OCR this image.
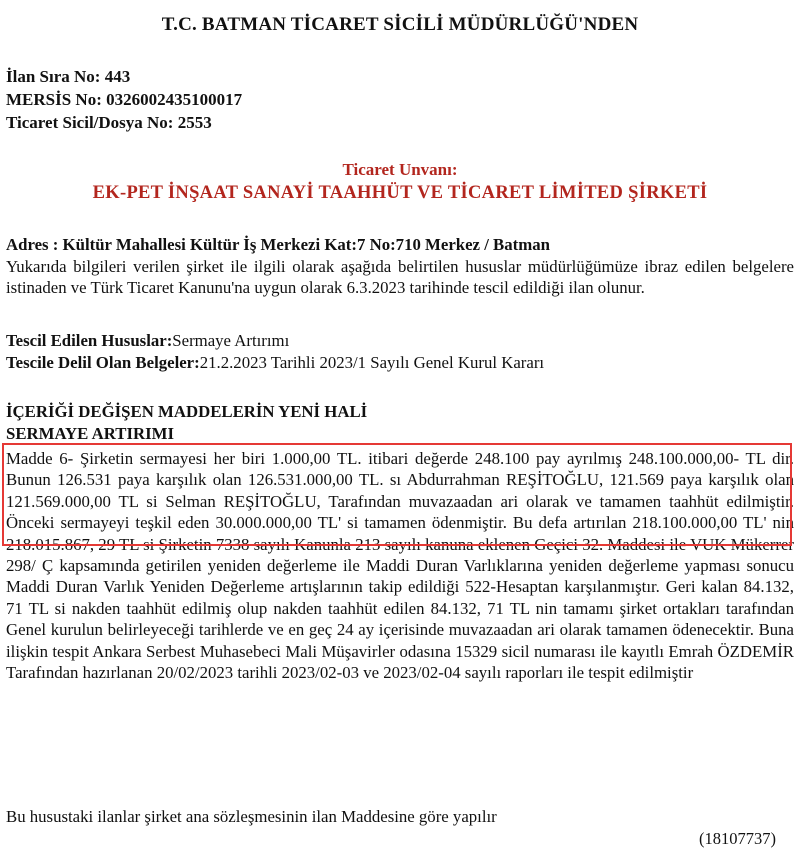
T.C. BATMAN TİCARET SİCİLİ MÜDÜRLÜĞÜ'NDEN
İlan Sıra No: 443
MERSİS No: 0326002435100017
Ticaret Sicil/Dosya No: 2553
Ticaret Unvanı:
EK-PET İNŞAAT SANAYİ TAAHHÜT VE TİCARET LİMİTED ŞİRKETİ
Adres : Kültür Mahallesi Kültür İş Merkezi Kat:7 No:710 Merkez / Batman
Yukarıda bilgileri verilen şirket ile ilgili olarak aşağıda belirtilen hususlar müdürlüğümüze ibraz edilen belgelere istinaden ve Türk Ticaret Kanunu'na uygun olarak 6.3.2023 tarihinde tescil edildiği ilan olunur.
Tescil Edilen Hususlar:Sermaye Artırımı
Tescile Delil Olan Belgeler:21.2.2023 Tarihli 2023/1 Sayılı Genel Kurul Kararı
İÇERİĞİ DEĞİŞEN MADDELERİN YENİ HALİ
SERMAYE ARTIRIMI
Madde 6- Şirketin sermayesi her biri 1.000,00 TL. itibari değerde 248.100 pay ayrılmış 248.100.000,00- TL dir. Bunun 126.531 paya karşılık olan 126.531.000,00 TL. sı Abdurrahman REŞİTOĞLU, 121.569 paya karşılık olan 121.569.000,00 TL si Selman REŞİTOĞLU, Tarafından muvazaadan ari olarak ve tamamen taahhüt edilmiştir. Önceki sermayeyi teşkil eden 30.000.000,00 TL' si tamamen ödenmiştir. Bu defa artırılan 218.100.000,00 TL' nin 218.015.867, 29 TL si Şirketin 7338 sayılı Kanunla 213 sayılı kanuna eklenen Geçici 32. Maddesi ile VUK Mükerrer 298/ Ç kapsamında getirilen yeniden değerleme ile Maddi Duran Varlıklarına yeniden değerleme yapması sonucu Maddi Duran Varlık Yeniden Değerleme artışlarının takip edildiği 522-Hesaptan karşılanmıştır. Geri kalan 84.132, 71 TL si nakden taahhüt edilmiş olup nakden taahhüt edilen 84.132, 71 TL nin tamamı şirket ortakları tarafından Genel kurulun belirleyeceği tarihlerde ve en geç 24 ay içerisinde muvazaadan ari olarak tamamen ödenecektir. Buna ilişkin tespit Ankara Serbest Muhasebeci Mali Müşavirler odasına 15329 sicil numarası ile kayıtlı Emrah ÖZDEMİR Tarafından hazırlanan 20/02/2023 tarihli 2023/02-03 ve 2023/02-04 sayılı raporları ile tespit edilmiştir
Bu husustaki ilanlar şirket ana sözleşmesinin ilan Maddesine göre yapılır
(18107737)
